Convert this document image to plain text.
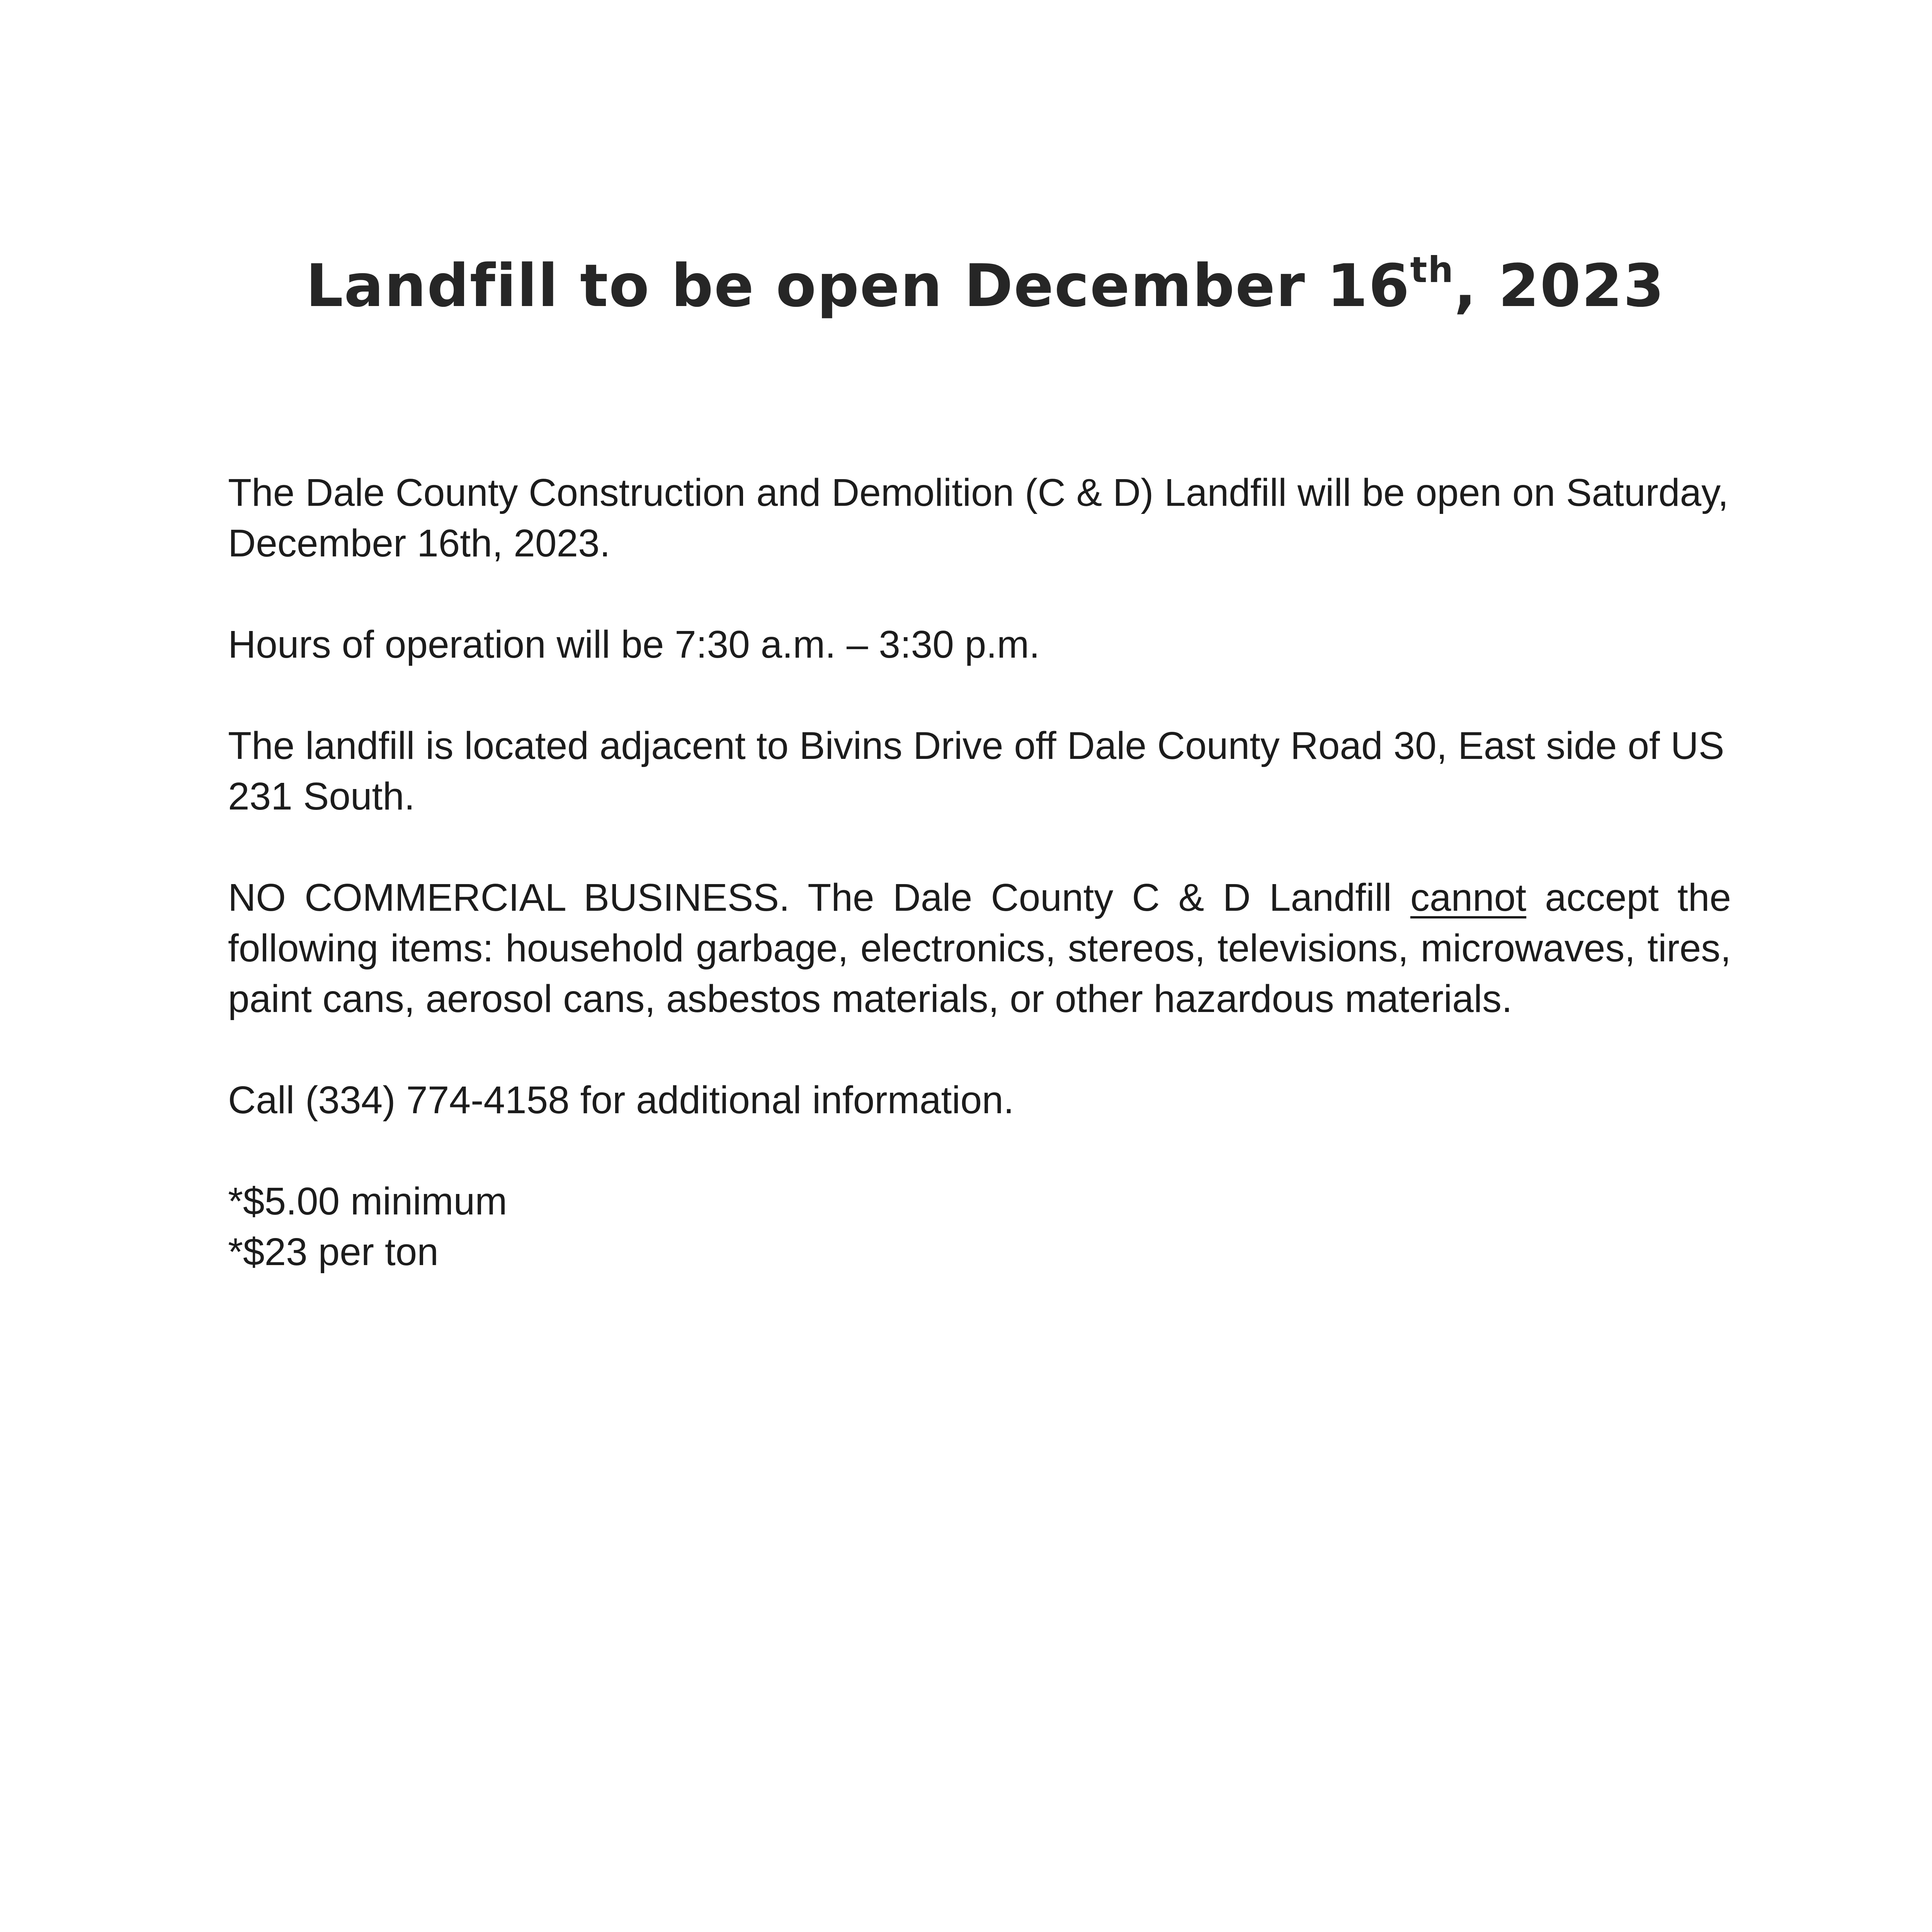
Landfill to be open December 16th, 2023

The Dale County Construction and Demolition (C & D) Landfill will be open on Saturday, December 16th, 2023.

Hours of operation will be 7:30 a.m. – 3:30 p.m.

The landfill is located adjacent to Bivins Drive off Dale County Road 30, East side of US 231 South.

NO COMMERCIAL BUSINESS. The Dale County C & D Landfill cannot accept the following items: household garbage, electronics, stereos, televisions, microwaves, tires, paint cans, aerosol cans, asbestos materials, or other hazardous materials.

Call (334) 774-4158 for additional information.

*$5.00 minimum

*$23 per ton
